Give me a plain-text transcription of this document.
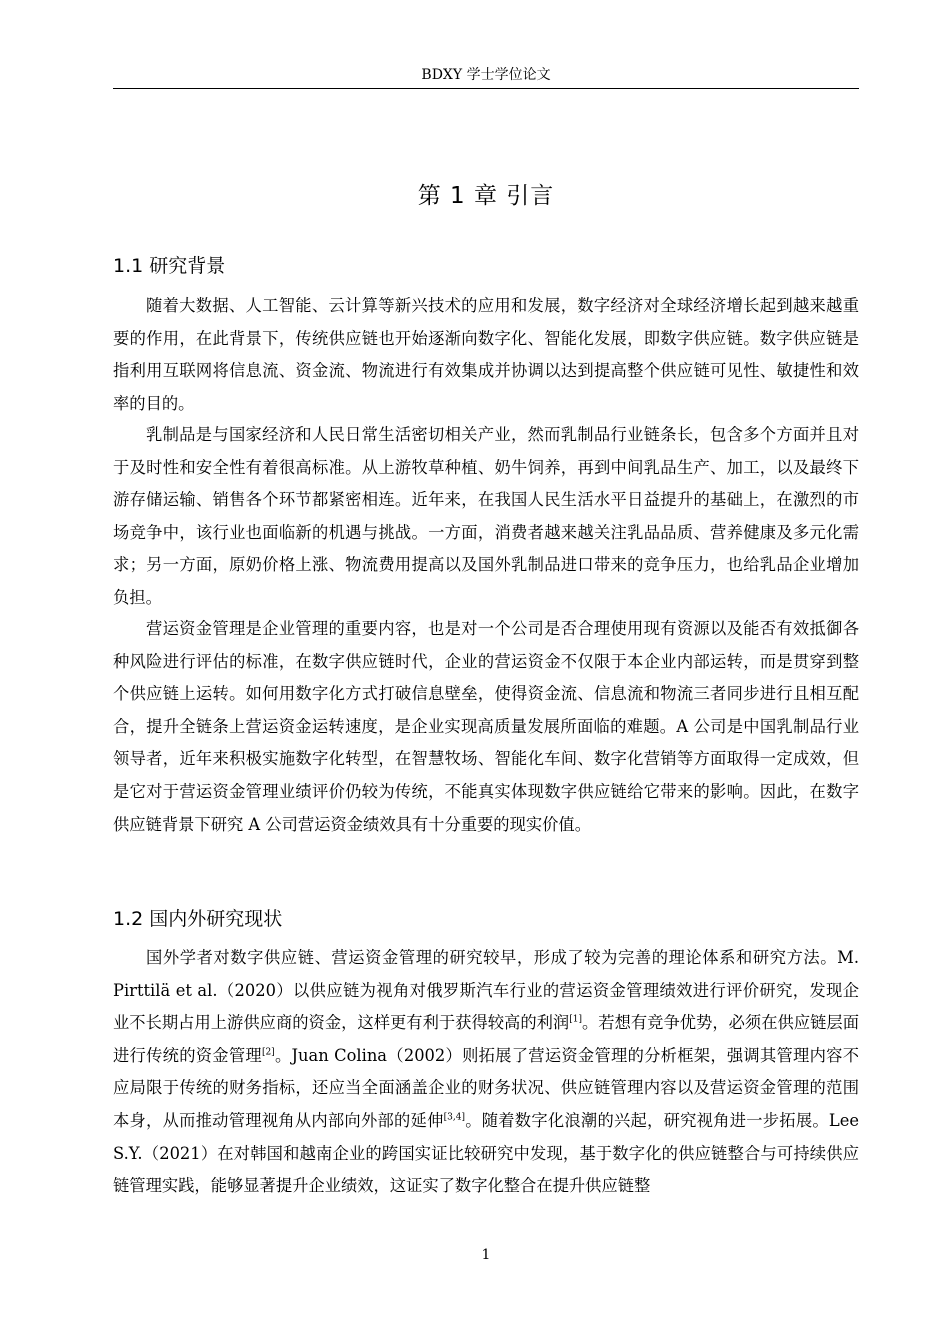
BDXY 学士学位论文
第 1 章 引言
1.1 研究背景

随着大数据、人工智能、云计算等新兴技术的应用和发展，数字经济对全球经济增长起到越来越重要的作用，在此背景下，传统供应链也开始逐渐向数字化、智能化发展，即数字供应链。数字供应链是指利用互联网将信息流、资金流、物流进行有效集成并协调以达到提高整个供应链可见性、敏捷性和效率的目的。

乳制品是与国家经济和人民日常生活密切相关产业，然而乳制品行业链条长，包含多个方面并且对于及时性和安全性有着很高标准。从上游牧草种植、奶牛饲养，再到中间乳品生产、加工，以及最终下游存储运输、销售各个环节都紧密相连。近年来，在我国人民生活水平日益提升的基础上，在激烈的市场竞争中，该行业也面临新的机遇与挑战。一方面，消费者越来越关注乳品品质、营养健康及多元化需求；另一方面，原奶价格上涨、物流费用提高以及国外乳制品进口带来的竞争压力，也给乳品企业增加负担。

营运资金管理是企业管理的重要内容，也是对一个公司是否合理使用现有资源以及能否有效抵御各种风险进行评估的标准，在数字供应链时代，企业的营运资金不仅限于本企业内部运转，而是贯穿到整个供应链上运转。如何用数字化方式打破信息壁垒，使得资金流、信息流和物流三者同步进行且相互配合，提升全链条上营运资金运转速度，是企业实现高质量发展所面临的难题。A 公司是中国乳制品行业领导者，近年来积极实施数字化转型，在智慧牧场、智能化车间、数字化营销等方面取得一定成效，但是它对于营运资金管理业绩评价仍较为传统，不能真实体现数字供应链给它带来的影响。因此，在数字供应链背景下研究 A 公司营运资金绩效具有十分重要的现实价值。

1.2 国内外研究现状

国外学者对数字供应链、营运资金管理的研究较早，形成了较为完善的理论体系和研究方法。M. Pirttilä et al.（2020）以供应链为视角对俄罗斯汽车行业的营运资金管理绩效进行评价研究，发现企业不长期占用上游供应商的资金，这样更有利于获得较高的利润[1]。若想有竞争优势，必须在供应链层面进行传统的资金管理[2]。Juan Colina（2002）则拓展了营运资金管理的分析框架，强调其管理内容不应局限于传统的财务指标，还应当全面涵盖企业的财务状况、供应链管理内容以及营运资金管理的范围本身，从而推动管理视角从内部向外部的延伸[3,4]。随着数字化浪潮的兴起，研究视角进一步拓展。Lee S.Y.（2021）在对韩国和越南企业的跨国实证比较研究中发现，基于数字化的供应链整合与可持续供应链管理实践，能够显著提升企业绩效，这证实了数字化整合在提升供应链整

1
